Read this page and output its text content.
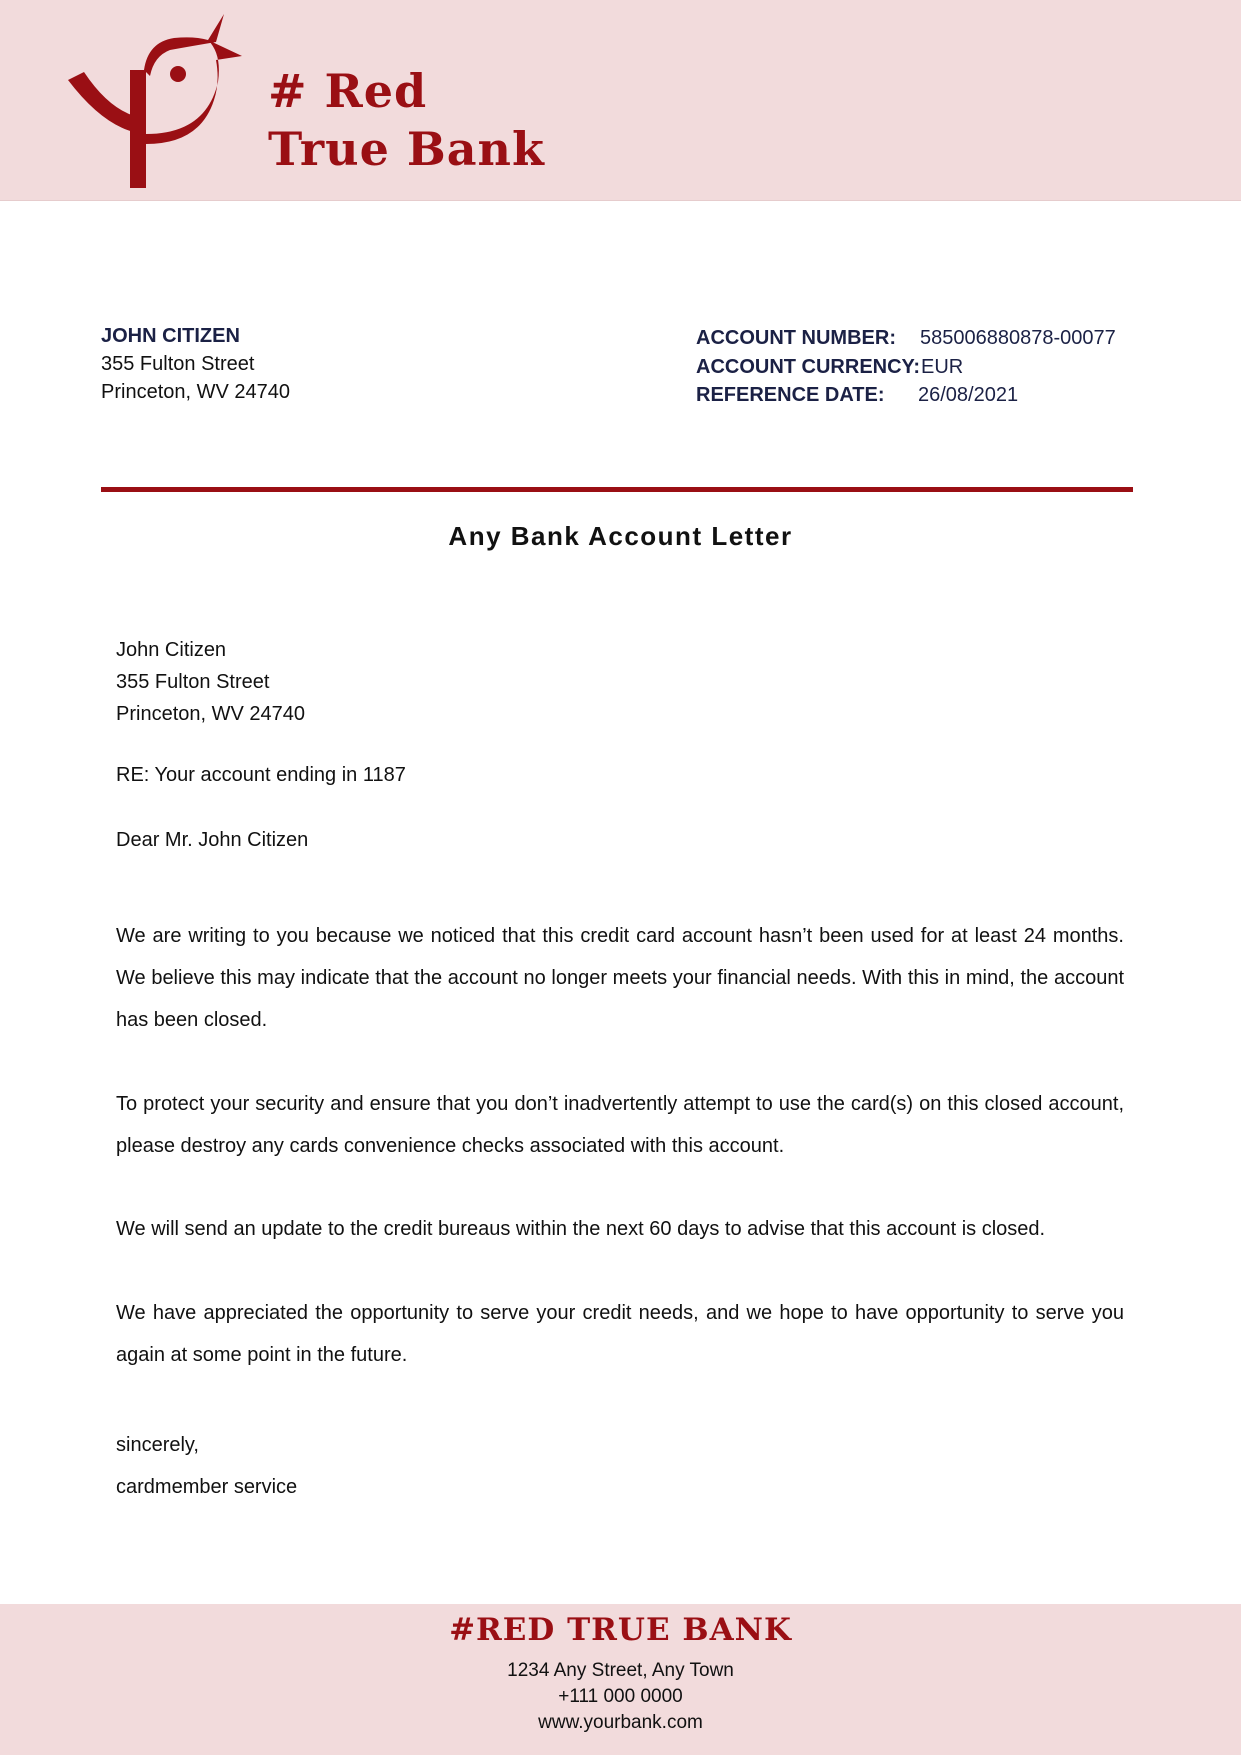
# Red
True Bank
JOHN CITIZEN
355 Fulton Street
Princeton, WV 24740
ACCOUNT NUMBER: 585006880878-00077
ACCOUNT CURRENCY: EUR
REFERENCE DATE: 26/08/2021
Any Bank Account Letter
John Citizen
355 Fulton Street
Princeton, WV 24740
RE: Your account ending in 1187
Dear Mr. John Citizen
We are writing to you because we noticed that this credit card account hasn’t been used for at least 24 months. We believe this may indicate that the account no longer meets your financial needs. With this in mind, the account has been closed.
To protect your security and ensure that you don’t inadvertently attempt to use the card(s) on this closed account, please destroy any cards convenience checks associated with this account.
We will send an update to the credit bureaus within the next 60 days to advise that this account is closed.
We have appreciated the opportunity to serve your credit needs, and we hope to have opportunity to serve you again at some point in the future.
sincerely,
cardmember service
#RED TRUE BANK
1234 Any Street, Any Town
+111 000 0000
www.yourbank.com
